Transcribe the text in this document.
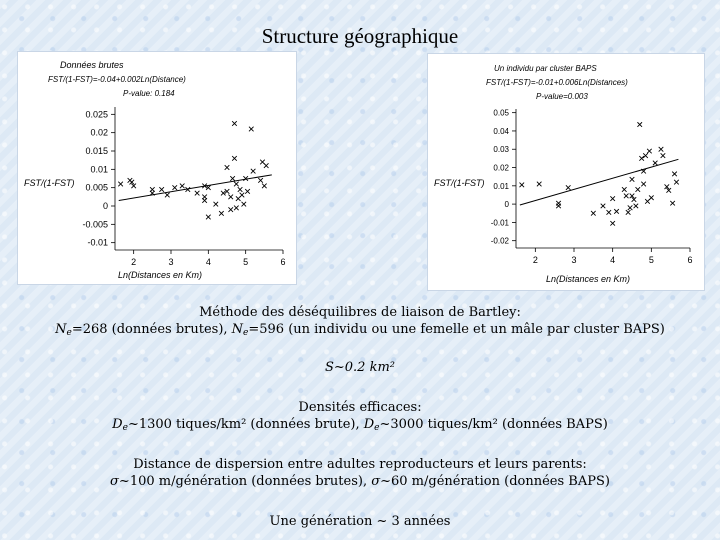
Structure géographique
0.025
0.02
0.015
0.01
0.005
0
-0.005
-0.01
2	3	4	5	6
Données brutes
FST/(1-FST)=-0.04+0.002Ln(Distance)
P-value: 0.184
FST/(1-FST)
Ln(Distances en Km)
0.05
0.04
0.03
0.02
0.01
0
-0.01
-0.02
2	3	4	5	6
Un individu par cluster BAPS
FST/(1-FST)=-0.01+0.006Ln(Distances)
P-value=0.003
FST/(1-FST)
Ln(Distances en Km)
Méthode des déséquilibres de liaison de Bartley:
$N_e=268$ (données brutes), $N_e=596$ (un individu ou une femelle et un mâle par cluster BAPS)
S~0.2 km²
Densités efficaces:
$D_e\sim 1300$ tiques/km² (données brute), $D_e\sim 3000$ tiques/km² (données BAPS)
Distance de dispersion entre adultes reproducteurs et leurs parents:
σ~100 m/génération (données brutes), σ~60 m/génération (données BAPS)
Une génération ~ 3 années
